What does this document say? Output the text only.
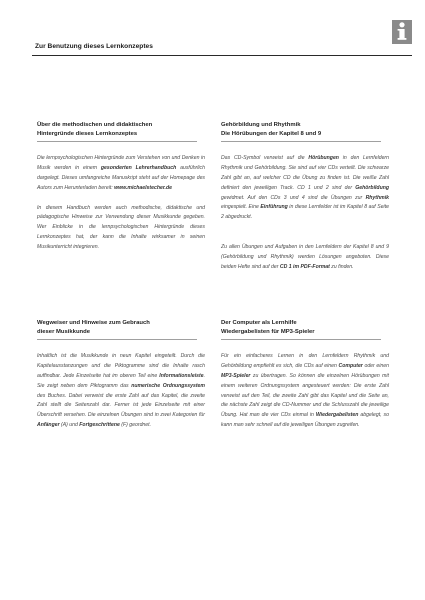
Zur Benutzung dieses Lernkonzeptes
Über die methodischen und didaktischen
Hintergründe dieses Lernkonzeptes

Die lernpsychologischen Hintergründe zum Verstehen von und Denken in Musik werden in einem gesonderten Lehrerhandbuch ausführlich dargelegt. Dieses umfangreiche Manuskript steht auf der Homepage des Autors zum Herunterladen bereit: www.michaelstecher.de

In diesem Handbuch werden auch methodische, didaktische und pädagogische Hinweise zur Verwendung dieser Musikkunde gegeben. Wer Einblicke in die lernpsychologischen Hintergründe dieses Lernkonzeptes hat, der kann die Inhalte wirksamer in seinen Musikunterricht integrieren.

Gehörbildung und Rhythmik
Die Hörübungen der Kapitel 8 und 9

Das CD-Symbol verweist auf die Hörübungen in den Lernfeldern Rhythmik und Gehörbildung. Sie sind auf vier CDs verteilt. Die schwarze Zahl gibt an, auf welcher CD die Übung zu finden ist. Die weiße Zahl definiert den jeweiligen Track. CD 1 und 2 sind der Gehörbildung gewidmet. Auf den CDs 3 und 4 sind die Übungen zur Rhythmik eingespielt. Eine Einführung in diese Lernfelder ist im Kapitel 8 auf Seite 2 abgedruckt.

Zu allen Übungen und Aufgaben in den Lernfeldern der Kapitel 8 und 9 (Gehörbildung und Rhythmik) werden Lösungen angeboten. Diese beiden Hefte sind auf der CD 1 im PDF-Format zu finden.

Wegweiser und Hinweise zum Gebrauch
dieser Musikkunde

Inhaltlich ist die Musikkunde in neun Kapitel eingeteilt. Durch die Kapitelausstanzungen und die Piktogramme sind die Inhalte rasch auffindbar. Jede Einzelseite hat im oberen Teil eine Informationsleiste. Sie zeigt neben dem Piktogramm das numerische Ordnungssystem des Buches. Dabei verweist die erste Zahl auf das Kapitel, die zweite Zahl stellt die Seitenzahl dar. Ferner ist jede Einzelseite mit einer Überschrift versehen. Die einzelnen Übungen sind in zwei Kategorien für Anfänger (A) und Fortgeschrittene (F) geordnet.

Der Computer als Lernhilfe
Wiedergabelisten für MP3-Spieler

Für ein einfacheres Lernen in den Lernfeldern Rhythmik und Gehörbildung empfiehlt es sich, die CDs auf einen Computer oder einen MP3-Spieler zu übertragen. So können die einzelnen Hörübungen mit einem weiteren Ordnungssystem angesteuert werden: Die erste Zahl verweist auf den Teil, die zweite Zahl gibt das Kapitel und die Seite an, die nächste Zahl zeigt die CD-Nummer und die Schlusszahl die jeweilige Übung. Hat man die vier CDs einmal in Wiedergabelisten abgelegt, so kann man sehr schnell auf die jeweiligen Übungen zugreifen.
